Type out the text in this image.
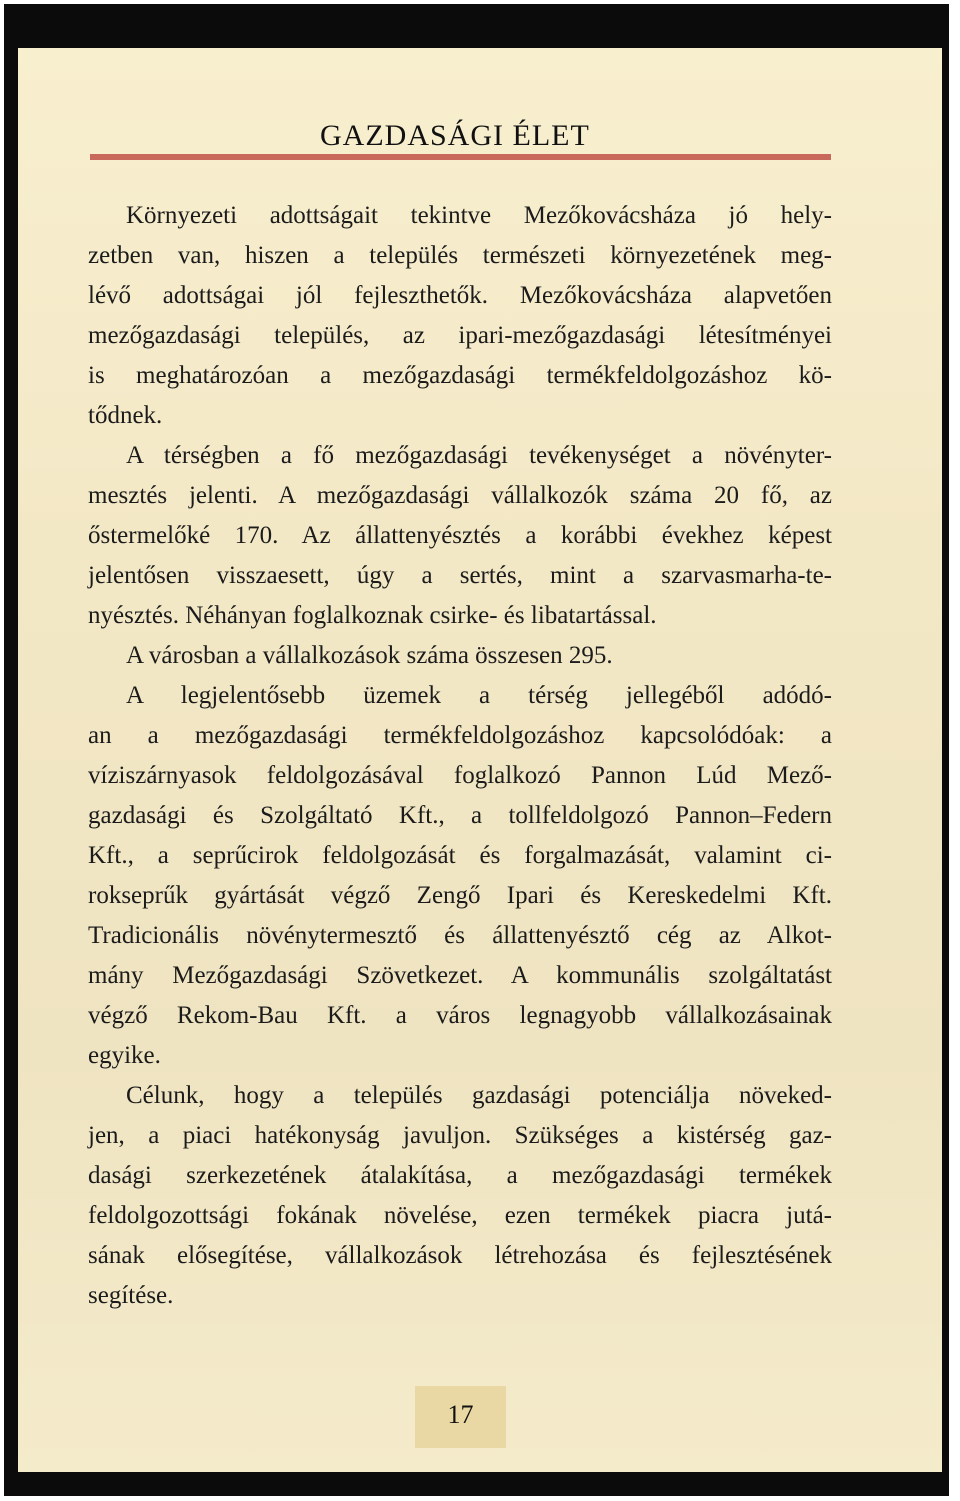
GAZDASÁGI ÉLET
Környezeti adottságait tekintve Mezőkovácsháza jó hely-
zetben van, hiszen a település természeti környezetének meg-
lévő adottságai jól fejleszthetők. Mezőkovácsháza alapvetően
mezőgazdasági település, az ipari-mezőgazdasági létesítményei
is meghatározóan a mezőgazdasági termékfeldolgozáshoz kö-
tődnek.
A térségben a fő mezőgazdasági tevékenységet a növényter-
mesztés jelenti. A mezőgazdasági vállalkozók száma 20 fő, az
őstermelőké 170. Az állattenyésztés a korábbi évekhez képest
jelentősen visszaesett, úgy a sertés, mint a szarvasmarha-te-
nyésztés. Néhányan foglalkoznak csirke- és libatartással.
A városban a vállalkozások száma összesen 295.
A legjelentősebb üzemek a térség jellegéből adódó-
an a mezőgazdasági termékfeldolgozáshoz kapcsolódóak: a
víziszárnyasok feldolgozásával foglalkozó Pannon Lúd Mező-
gazdasági és Szolgáltató Kft., a tollfeldolgozó Pannon–Federn
Kft., a seprűcirok feldolgozását és forgalmazását, valamint ci-
rokseprűk gyártását végző Zengő Ipari és Kereskedelmi Kft.
Tradicionális növénytermesztő és állattenyésztő cég az Alkot-
mány Mezőgazdasági Szövetkezet. A kommunális szolgáltatást
végző Rekom-Bau Kft. a város legnagyobb vállalkozásainak
egyike.
Célunk, hogy a település gazdasági potenciálja növeked-
jen, a piaci hatékonyság javuljon. Szükséges a kistérség gaz-
dasági szerkezetének átalakítása, a mezőgazdasági termékek
feldolgozottsági fokának növelése, ezen termékek piacra jutá-
sának elősegítése, vállalkozások létrehozása és fejlesztésének
segítése.
17
